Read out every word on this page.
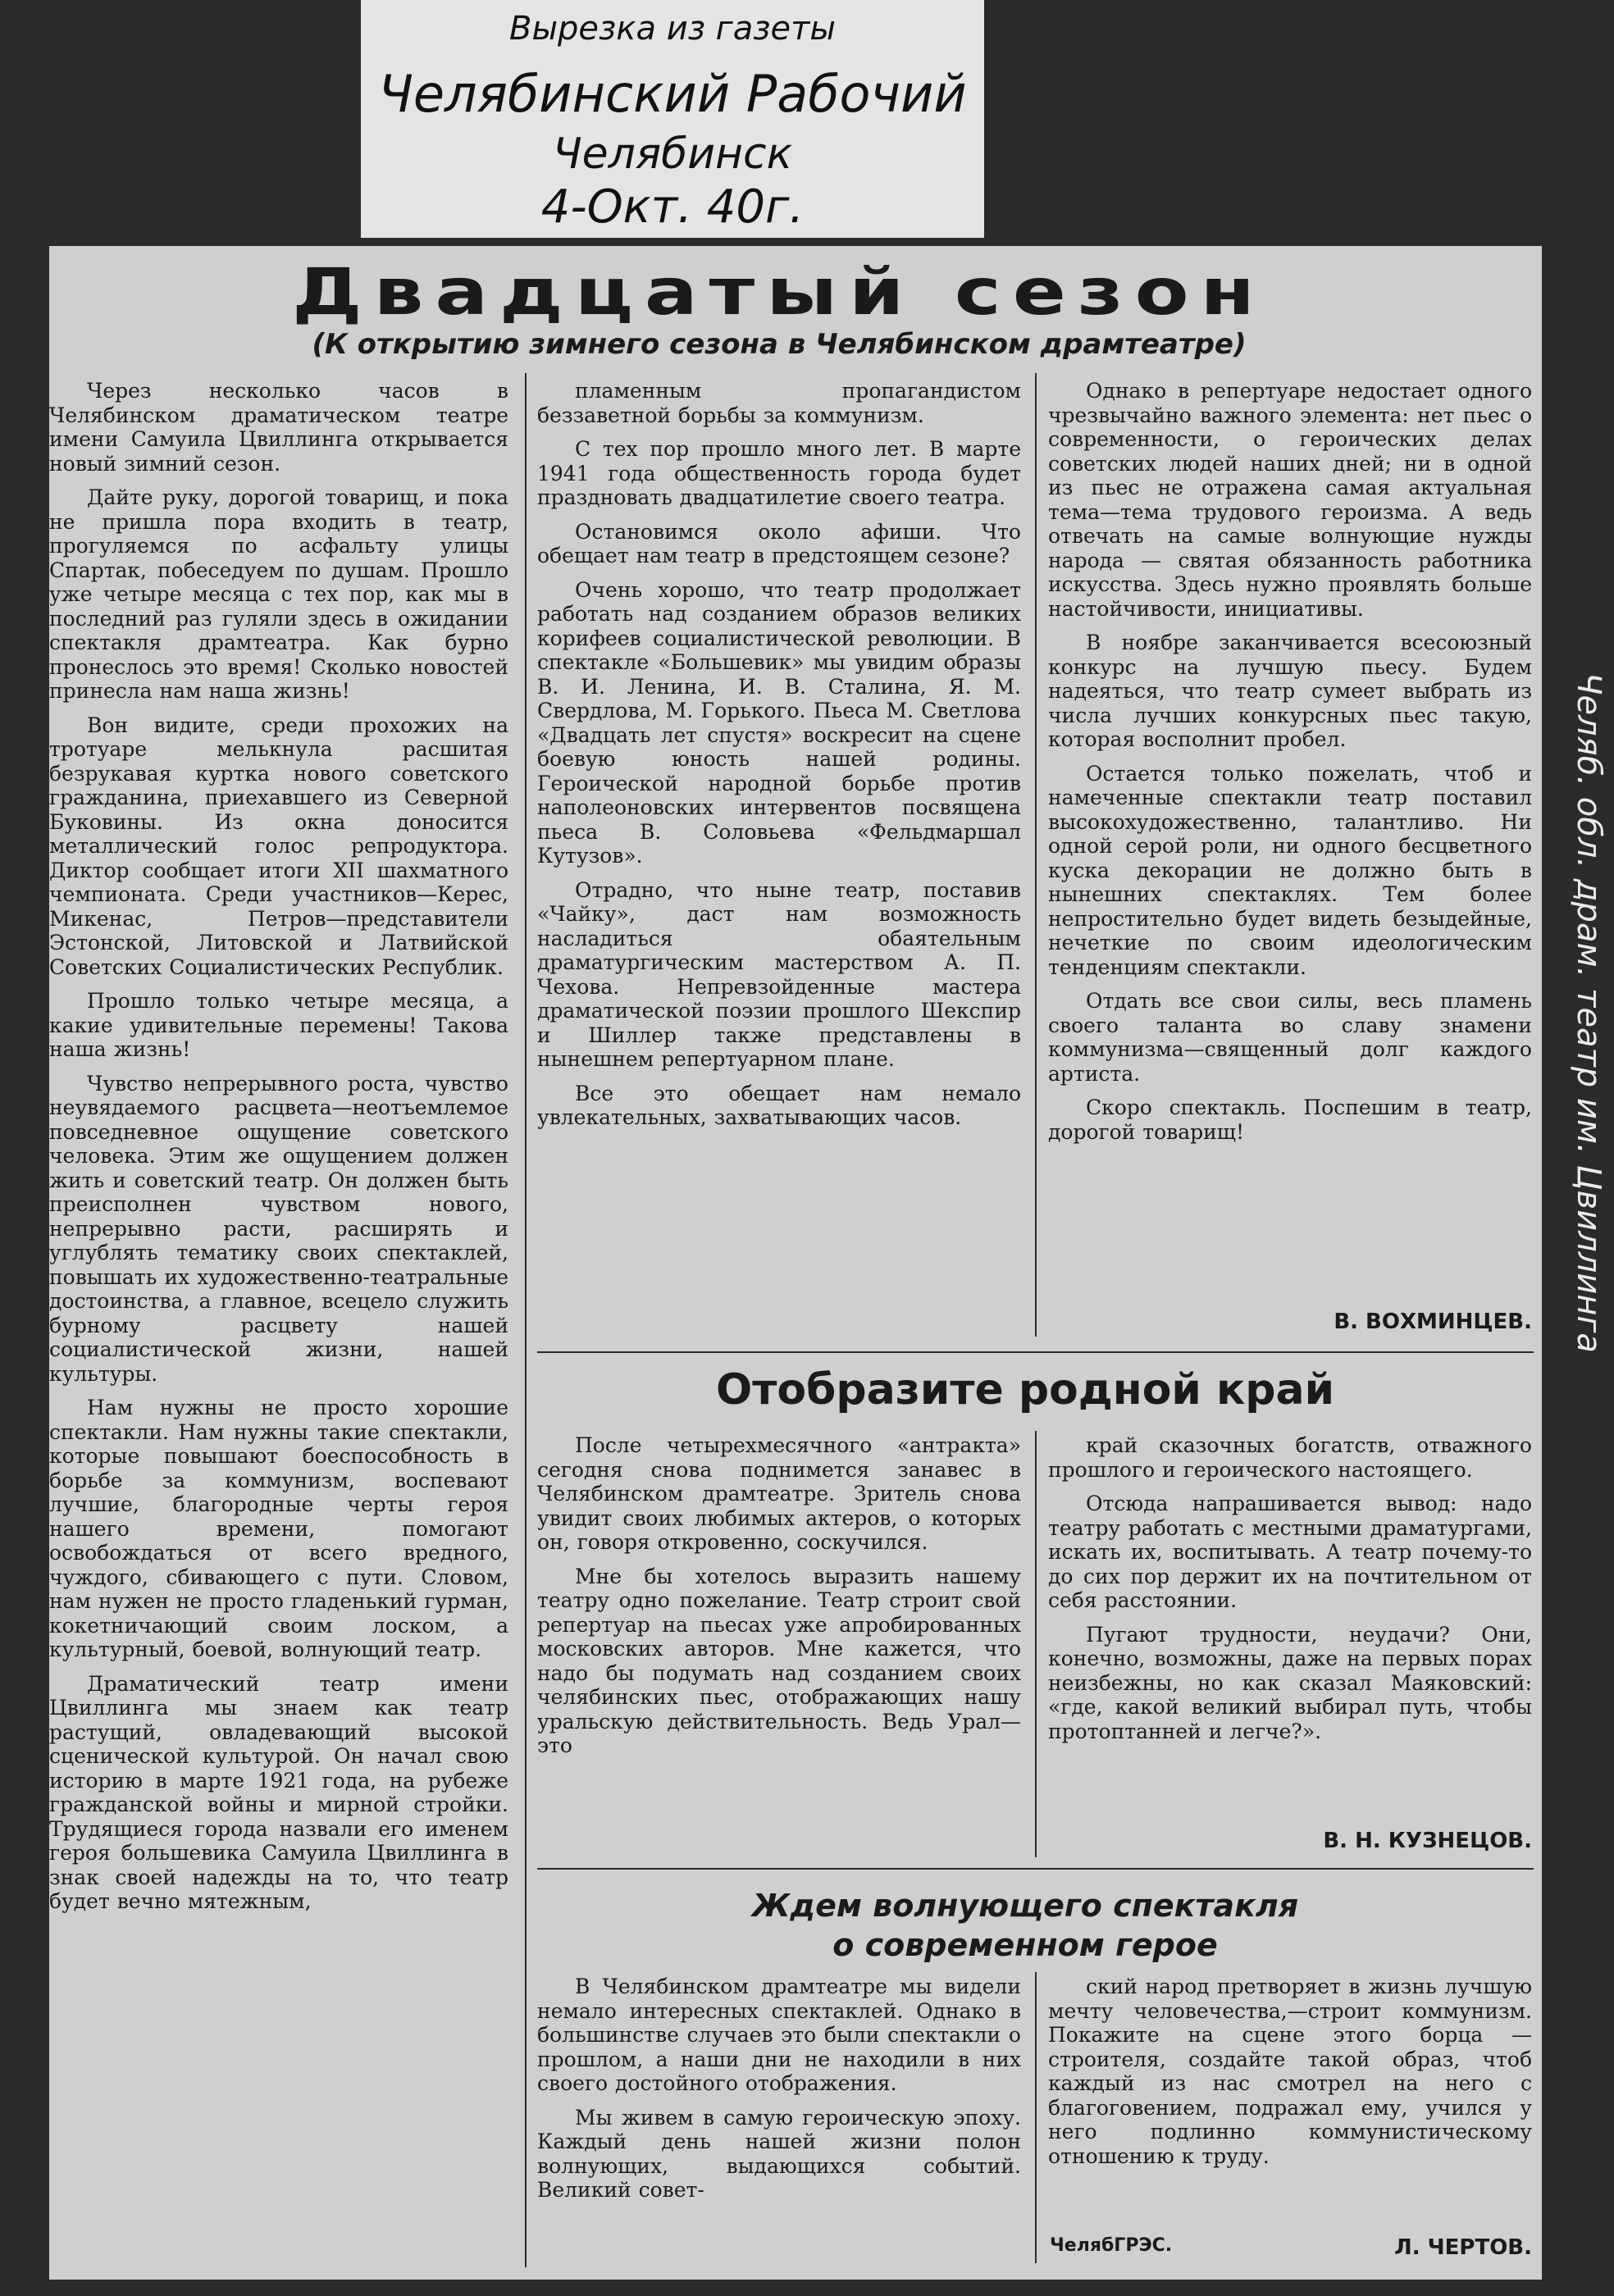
Вырезка из газеты
Челябинский Рабочий
Челябинск
4-Окт. 40г.
Двадцатый сезон
(К открытию зимнего сезона в Челябинском драмтеатре)

Через несколько часов в Челябинском драматическом театре имени Самуила Цвиллинга открывается новый зимний сезон.

Дайте руку, дорогой товарищ, и пока не пришла пора входить в театр, прогуляемся по асфальту улицы Спартак, побеседуем по душам. Прошло уже четыре месяца с тех пор, как мы в последний раз гуляли здесь в ожидании спектакля драмтеатра. Как бурно пронеслось это время! Сколько новостей принесла нам наша жизнь!

Вон видите, среди прохожих на тротуаре мелькнула расшитая безрукавая куртка нового советского гражданина, приехавшего из Северной Буковины. Из окна доносится металлический голос репродуктора. Диктор сообщает итоги XII шахматного чемпионата. Среди участников—Керес, Микенас, Петров—представители Эстонской, Литовской и Латвийской Советских Социалистических Республик.

Прошло только четыре месяца, а какие удивительные перемены! Такова наша жизнь!

Чувство непрерывного роста, чувство неувядаемого расцвета—неотъемлемое повседневное ощущение советского человека. Этим же ощущением должен жить и советский театр. Он должен быть преисполнен чувством нового, непрерывно расти, расширять и углублять тематику своих спектаклей, повышать их художественно-театральные достоинства, а главное, всецело служить бурному расцвету нашей социалистической жизни, нашей культуры.

Нам нужны не просто хорошие спектакли. Нам нужны такие спектакли, которые повышают боеспособность в борьбе за коммунизм, воспевают лучшие, благородные черты героя нашего времени, помогают освобождаться от всего вредного, чуждого, сбивающего с пути. Словом, нам нужен не просто гладенький гурман, кокетничающий своим лоском, а культурный, боевой, волнующий театр.

Драматический театр имени Цвиллинга мы знаем как театр растущий, овладевающий высокой сценической культурой. Он начал свою историю в марте 1921 года, на рубеже гражданской войны и мирной стройки. Трудящиеся города назвали его именем героя большевика Самуила Цвиллинга в знак своей надежды на то, что театр будет вечно мятежным,

пламенным пропагандистом беззаветной борьбы за коммунизм.

С тех пор прошло много лет. В марте 1941 года общественность города будет праздновать двадцатилетие своего театра.

Остановимся около афиши. Что обещает нам театр в предстоящем сезоне?

Очень хорошо, что театр продолжает работать над созданием образов великих корифеев социалистической революции. В спектакле «Большевик» мы увидим образы В. И. Ленина, И. В. Сталина, Я. М. Свердлова, М. Горького. Пьеса М. Светлова «Двадцать лет спустя» воскресит на сцене боевую юность нашей родины. Героической народной борьбе против наполеоновских интервентов посвящена пьеса В. Соловьева «Фельдмаршал Кутузов».

Отрадно, что ныне театр, поставив «Чайку», даст нам возможность насладиться обаятельным драматургическим мастерством А. П. Чехова. Непревзойденные мастера драматической поэзии прошлого Шекспир и Шиллер также представлены в нынешнем репертуарном плане.

Все это обещает нам немало увлекательных, захватывающих часов.

Однако в репертуаре недостает одного чрезвычайно важного элемента: нет пьес о современности, о героических делах советских людей наших дней; ни в одной из пьес не отражена самая актуальная тема—тема трудового героизма. А ведь отвечать на самые волнующие нужды народа — святая обязанность работника искусства. Здесь нужно проявлять больше настойчивости, инициативы.

В ноябре заканчивается всесоюзный конкурс на лучшую пьесу. Будем надеяться, что театр сумеет выбрать из числа лучших конкурсных пьес такую, которая восполнит пробел.

Остается только пожелать, чтоб и намеченные спектакли театр поставил высокохудожественно, талантливо. Ни одной серой роли, ни одного бесцветного куска декорации не должно быть в нынешних спектаклях. Тем более непростительно будет видеть безыдейные, нечеткие по своим идеологическим тенденциям спектакли.

Отдать все свои силы, весь пламень своего таланта во славу знамени коммунизма—священный долг каждого артиста.

Скоро спектакль. Поспешим в театр, дорогой товарищ!

В. ВОХМИНЦЕВ.
Отобразите родной край

После четырехмесячного «антракта» сегодня снова поднимется занавес в Челябинском драмтеатре. Зритель снова увидит своих любимых актеров, о которых он, говоря откровенно, соскучился.

Мне бы хотелось выразить нашему театру одно пожелание. Театр строит свой репертуар на пьесах уже апробированных московских авторов. Мне кажется, что надо бы подумать над созданием своих челябинских пьес, отображающих нашу уральскую действительность. Ведь Урал—это

край сказочных богатств, отважного прошлого и героического настоящего.

Отсюда напрашивается вывод: надо театру работать с местными драматургами, искать их, воспитывать. А театр почему-то до сих пор держит их на почтительном от себя расстоянии.

Пугают трудности, неудачи? Они, конечно, возможны, даже на первых порах неизбежны, но как сказал Маяковский: «где, какой великий выбирал путь, чтобы протоптанней и легче?».

В. Н. КУЗНЕЦОВ.
Ждем волнующего спектакля
о современном герое

В Челябинском драмтеатре мы видели немало интересных спектаклей. Однако в большинстве случаев это были спектакли о прошлом, а наши дни не находили в них своего достойного отображения.

Мы живем в самую героическую эпоху. Каждый день нашей жизни полон волнующих, выдающихся событий. Великий совет-

ский народ претворяет в жизнь лучшую мечту человечества,—строит коммунизм. Покажите на сцене этого борца — строителя, создайте такой образ, чтоб каждый из нас смотрел на него с благоговением, подражал ему, учился у него подлинно коммунистическому отношению к труду.

ЧелябГРЭС.	Л. ЧЕРТОВ.
Челяб. обл. драм. театр им. Цвиллинга
